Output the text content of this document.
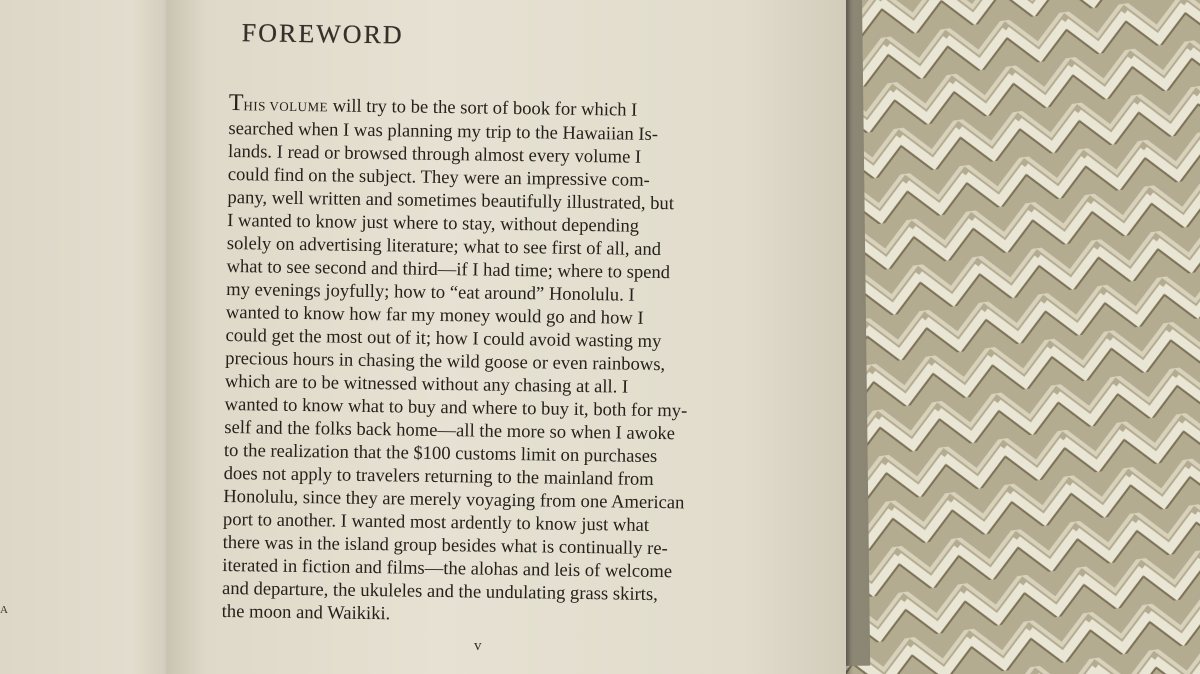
A
FOREWORD
THIS VOLUME will try to be the sort of book for which I
searched when I was planning my trip to the Hawaiian Is-
lands. I read or browsed through almost every volume I
could find on the subject. They were an impressive com-
pany, well written and sometimes beautifully illustrated, but
I wanted to know just where to stay, without depending
solely on advertising literature; what to see first of all, and
what to see second and third—if I had time; where to spend
my evenings joyfully; how to “eat around” Honolulu. I
wanted to know how far my money would go and how I
could get the most out of it; how I could avoid wasting my
precious hours in chasing the wild goose or even rainbows,
which are to be witnessed without any chasing at all. I
wanted to know what to buy and where to buy it, both for my-
self and the folks back home—all the more so when I awoke
to the realization that the $100 customs limit on purchases
does not apply to travelers returning to the mainland from
Honolulu, since they are merely voyaging from one American
port to another. I wanted most ardently to know just what
there was in the island group besides what is continually re-
iterated in fiction and films—the alohas and leis of welcome
and departure, the ukuleles and the undulating grass skirts,
the moon and Waikiki.
v
